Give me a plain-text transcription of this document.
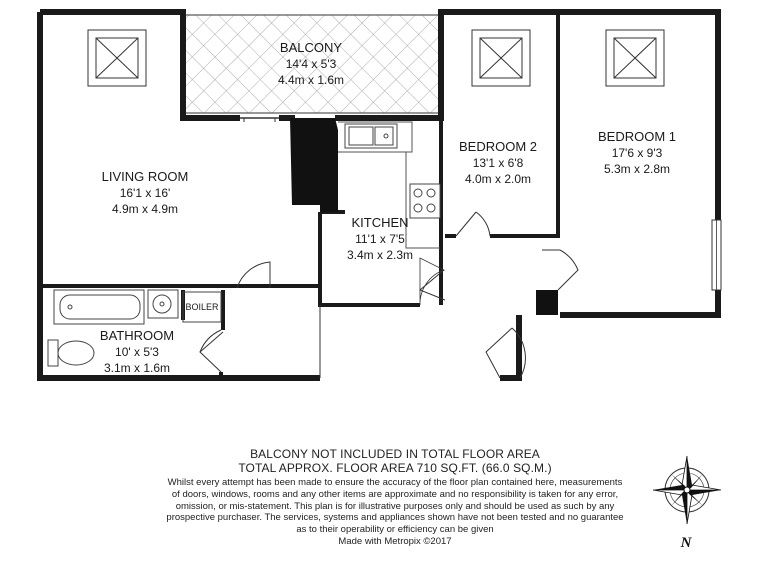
BALCONY
14'4 x 5'3
4.4m x 1.6m
LIVING ROOM
16'1 x 16'
4.9m x 4.9m
KITCHEN
11'1 x 7'5
3.4m x 2.3m
BEDROOM 2
13'1 x 6'8
4.0m x 2.0m
BEDROOM 1
17'6 x 9'3
5.3m x 2.8m
BATHROOM
10' x 5'3
3.1m x 1.6m
BOILER
N
BALCONY NOT INCLUDED IN TOTAL FLOOR AREA
TOTAL APPROX. FLOOR AREA 710 SQ.FT. (66.0 SQ.M.)
Whilst every attempt has been made to ensure the accuracy of the floor plan contained here, measurements
of doors, windows, rooms and any other items are approximate and no responsibility is taken for any error,
omission, or mis-statement. This plan is for illustrative purposes only and should be used as such by any
prospective purchaser. The services, systems and appliances shown have not been tested and no guarantee
as to their operability or efficiency can be given
Made with Metropix ©2017
